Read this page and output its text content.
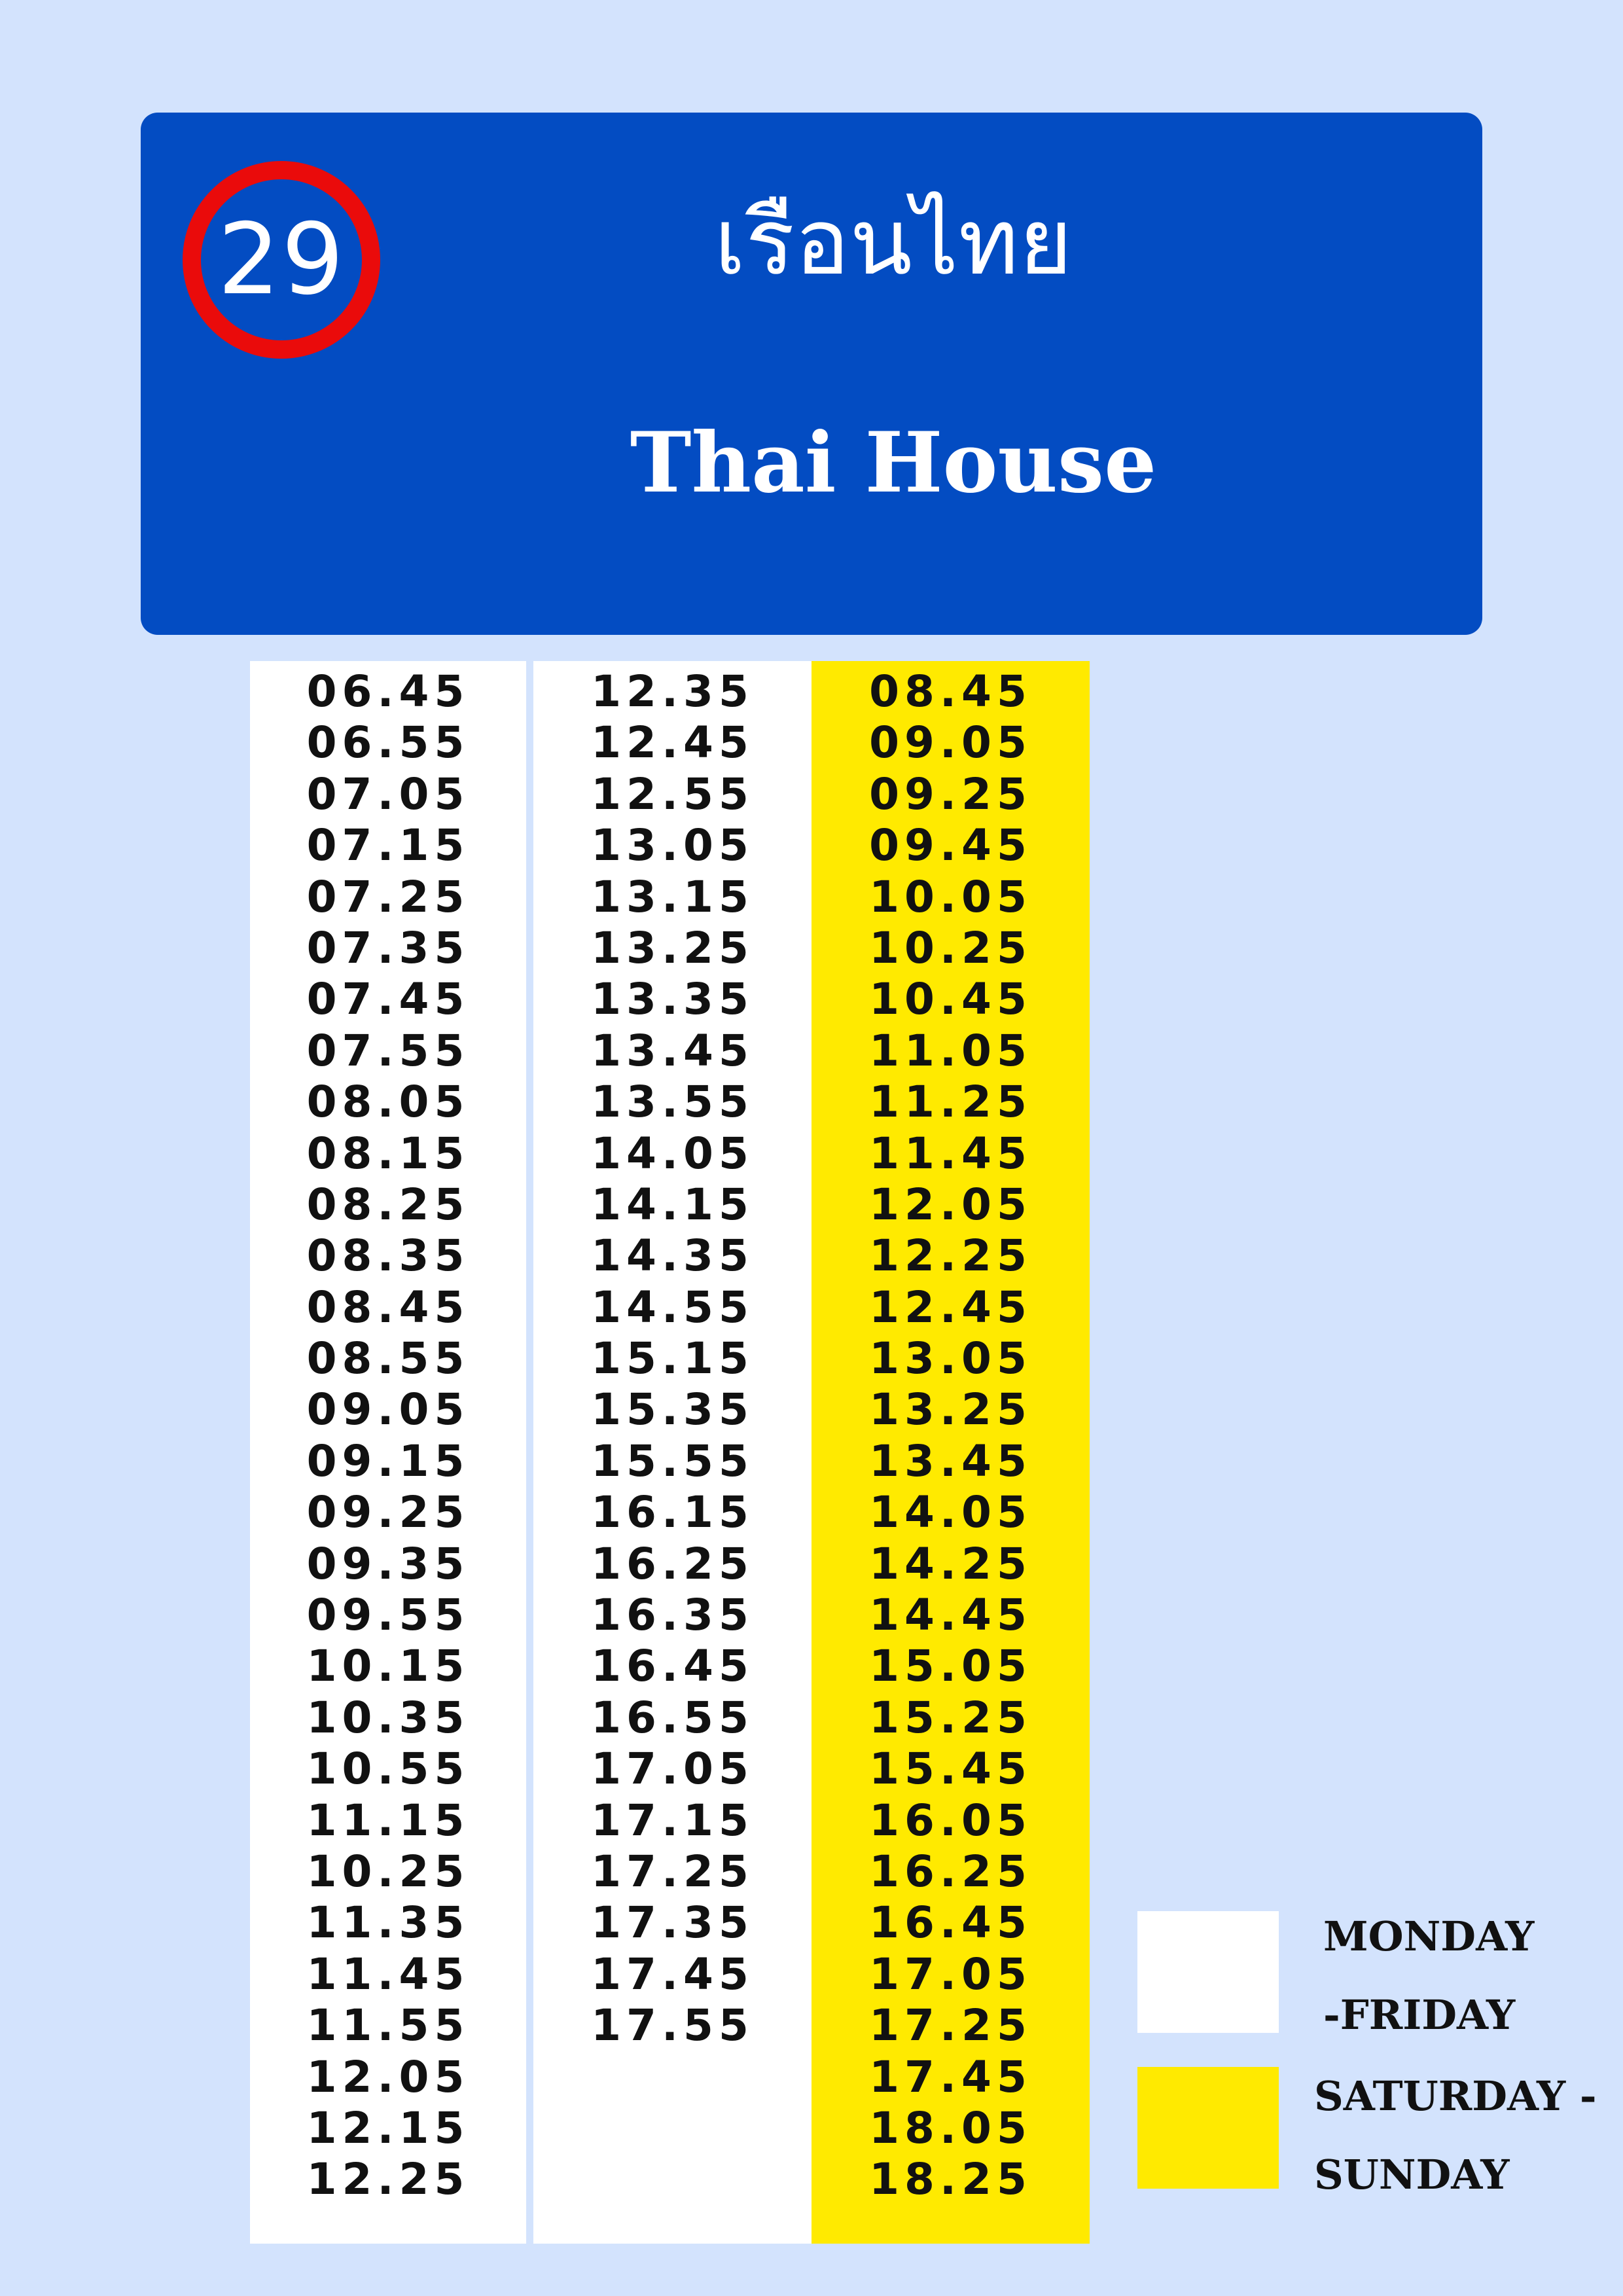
29	เรือนไทย
Thai House
06.45
06.55
07.05
07.15
07.25
07.35
07.45
07.55
08.05
08.15
08.25
08.35
08.45
08.55
09.05
09.15
09.25
09.35
09.55
10.15
10.35
10.55
11.15
10.25
11.35
11.45
11.55
12.05
12.15
12.25
12.35
12.45
12.55
13.05
13.15
13.25
13.35
13.45
13.55
14.05
14.15
14.35
14.55
15.15
15.35
15.55
16.15
16.25
16.35
16.45
16.55
17.05
17.15
17.25
17.35
17.45
17.55
08.45
09.05
09.25
09.45
10.05
10.25
10.45
11.05
11.25
11.45
12.05
12.25
12.45
13.05
13.25
13.45
14.05
14.25
14.45
15.05
15.25
15.45
16.05
16.25
16.45
17.05
17.25
17.45
18.05
18.25
MONDAY
-FRIDAY
SATURDAY -
SUNDAY
